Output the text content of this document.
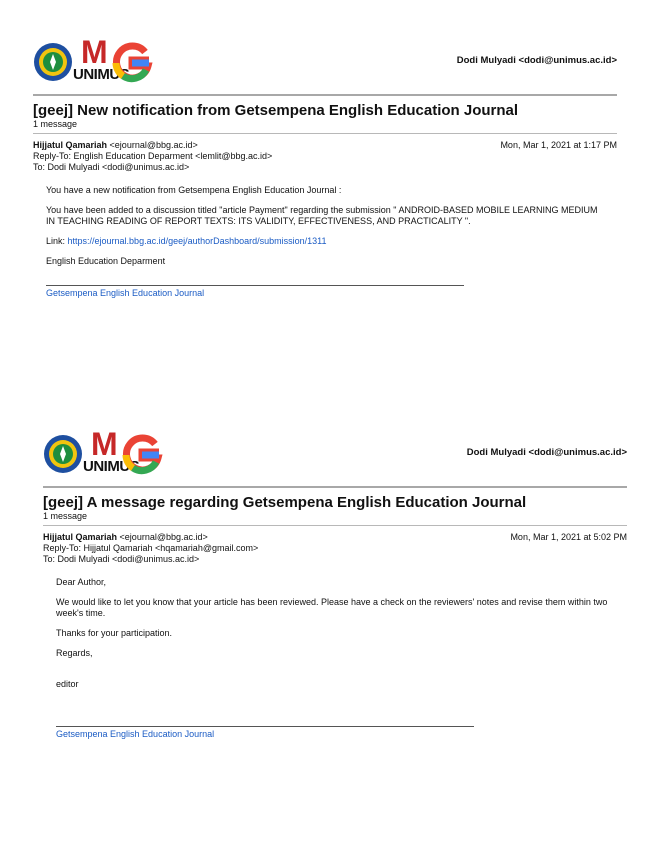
M
UNIMUSmail
Dodi Mulyadi <dodi@unimus.ac.id>
[geej] New notification from Getsempena English Education Journal
1 message
Hijjatul Qamariah <ejournal@bbg.ac.id>
Reply-To: English Education Deparment <lemlit@bbg.ac.id>
To: Dodi Mulyadi <dodi@unimus.ac.id>
Mon, Mar 1, 2021 at 1:17 PM

You have a new notification from Getsempena English Education Journal :

You have been added to a discussion titled "article Payment" regarding the submission " ANDROID-BASED MOBILE LEARNING MEDIUM IN TEACHING READING OF REPORT TEXTS: ITS VALIDITY, EFFECTIVENESS, AND PRACTICALITY ".

Link: https://ejournal.bbg.ac.id/geej/authorDashboard/submission/1311

English Education Deparment

Getsempena English Education Journal
M
UNIMUSmail
Dodi Mulyadi <dodi@unimus.ac.id>
[geej] A message regarding Getsempena English Education Journal
1 message
Hijjatul Qamariah <ejournal@bbg.ac.id>
Reply-To: Hijjatul Qamariah <hqamariah@gmail.com>
To: Dodi Mulyadi <dodi@unimus.ac.id>
Mon, Mar 1, 2021 at 5:02 PM

Dear Author,

We would like to let you know that your article has been reviewed. Please have a check on the reviewers' notes and revise them within two week's time.

Thanks for your participation.

Regards,

editor

Getsempena English Education Journal
